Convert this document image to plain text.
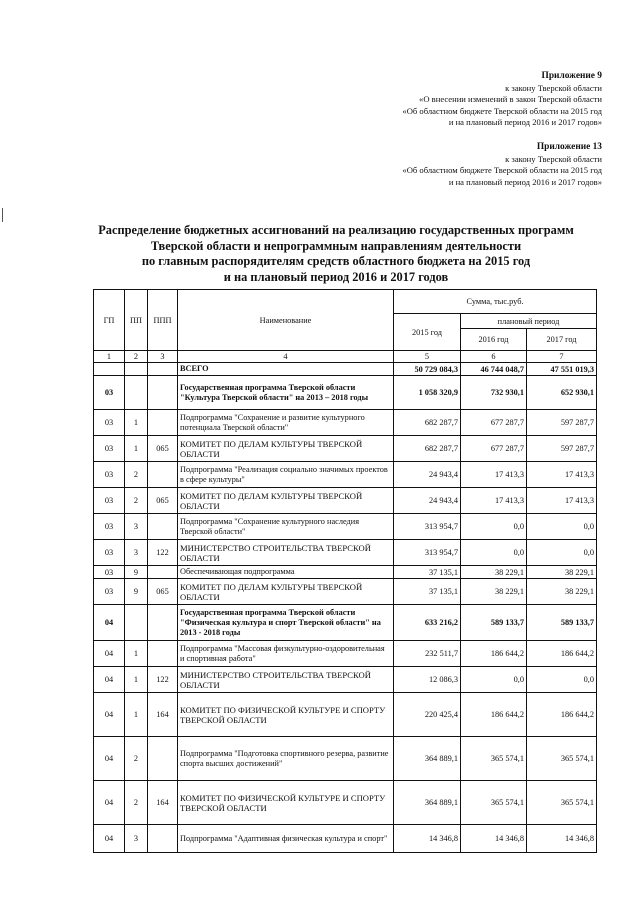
Приложение 9
к закону Тверской области
«О внесении изменений в закон Тверской области
«Об областном бюджете Тверской области на 2015 год
и на плановый период 2016 и 2017 годов»
Приложение 13
к закону Тверской области
«Об областном бюджете Тверской области на 2015 год
и на плановый период 2016 и 2017 годов»
Распределение бюджетных ассигнований на реализацию государственных программ
Тверской области и непрограммным направлениям деятельности
по главным распорядителям средств областного бюджета на 2015 год
и на плановый период 2016 и 2017 годов
ГП	ПП	ППП	Наименование	Сумма, тыс.руб.		
				2015 год	плановый период	
					2016 год	2017 год
1	2	3	4	5	6	7
			ВСЕГО	50 729 084,3	46 744 048,7	47 551 019,3
03			Государственная программа Тверской области "Культура Тверской области" на 2013 – 2018 годы	1 058 320,9	732 930,1	652 930,1
03	1		Подпрограмма "Сохранение и развитие культурного потенциала Тверской области"	682 287,7	677 287,7	597 287,7
03	1	065	КОМИТЕТ ПО ДЕЛАМ КУЛЬТУРЫ ТВЕРСКОЙ ОБЛАСТИ	682 287,7	677 287,7	597 287,7
03	2		Подпрограмма "Реализация социально значимых проектов в сфере культуры"	24 943,4	17 413,3	17 413,3
03	2	065	КОМИТЕТ ПО ДЕЛАМ КУЛЬТУРЫ ТВЕРСКОЙ ОБЛАСТИ	24 943,4	17 413,3	17 413,3
03	3		Подпрограмма "Сохранение культурного наследия Тверской области"	313 954,7	0,0	0,0
03	3	122	МИНИСТЕРСТВО СТРОИТЕЛЬСТВА ТВЕРСКОЙ ОБЛАСТИ	313 954,7	0,0	0,0
03	9		Обеспечивающая подпрограмма	37 135,1	38 229,1	38 229,1
03	9	065	КОМИТЕТ ПО ДЕЛАМ КУЛЬТУРЫ ТВЕРСКОЙ ОБЛАСТИ	37 135,1	38 229,1	38 229,1
04			Государственная программа Тверской области "Физическая культура и спорт Тверской области" на 2013 - 2018 годы	633 216,2	589 133,7	589 133,7
04	1		Подпрограмма "Массовая физкультурно-оздоровительная и спортивная работа"	232 511,7	186 644,2	186 644,2
04	1	122	МИНИСТЕРСТВО СТРОИТЕЛЬСТВА ТВЕРСКОЙ ОБЛАСТИ	12 086,3	0,0	0,0
04	1	164	КОМИТЕТ ПО ФИЗИЧЕСКОЙ КУЛЬТУРЕ И СПОРТУ ТВЕРСКОЙ ОБЛАСТИ	220 425,4	186 644,2	186 644,2
04	2		Подпрограмма "Подготовка спортивного резерва, развитие спорта высших достижений"	364 889,1	365 574,1	365 574,1
04	2	164	КОМИТЕТ ПО ФИЗИЧЕСКОЙ КУЛЬТУРЕ И СПОРТУ ТВЕРСКОЙ ОБЛАСТИ	364 889,1	365 574,1	365 574,1
04	3		Подпрограмма "Адаптивная физическая культура и спорт"	14 346,8	14 346,8	14 346,8
